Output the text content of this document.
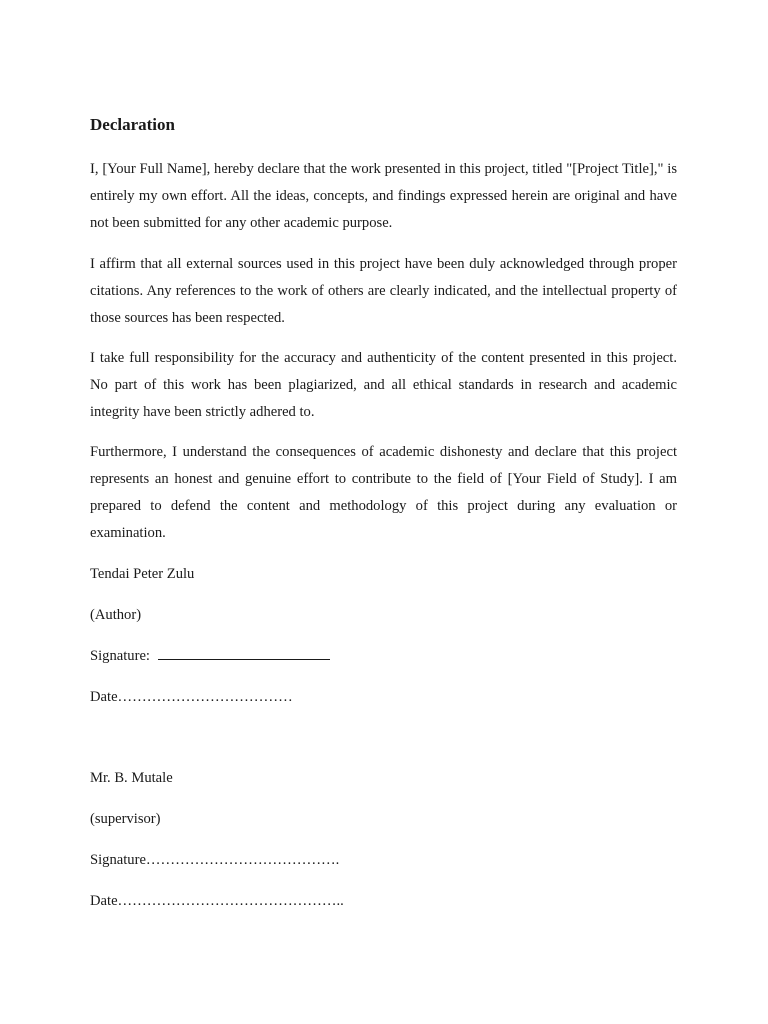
Declaration

I, [Your Full Name], hereby declare that the work presented in this project, titled "[Project Title]," is entirely my own effort. All the ideas, concepts, and findings expressed herein are original and have not been submitted for any other academic purpose.

I affirm that all external sources used in this project have been duly acknowledged through proper citations. Any references to the work of others are clearly indicated, and the intellectual property of those sources has been respected.

I take full responsibility for the accuracy and authenticity of the content presented in this project. No part of this work has been plagiarized, and all ethical standards in research and academic integrity have been strictly adhered to.

Furthermore, I understand the consequences of academic dishonesty and declare that this project represents an honest and genuine effort to contribute to the field of [Your Field of Study]. I am prepared to defend the content and methodology of this project during any evaluation or examination.

Tendai Peter Zulu

(Author)

Signature:

Date………………………………

Mr. B. Mutale

(supervisor)

Signature………………………………….

Date………………………………………..
